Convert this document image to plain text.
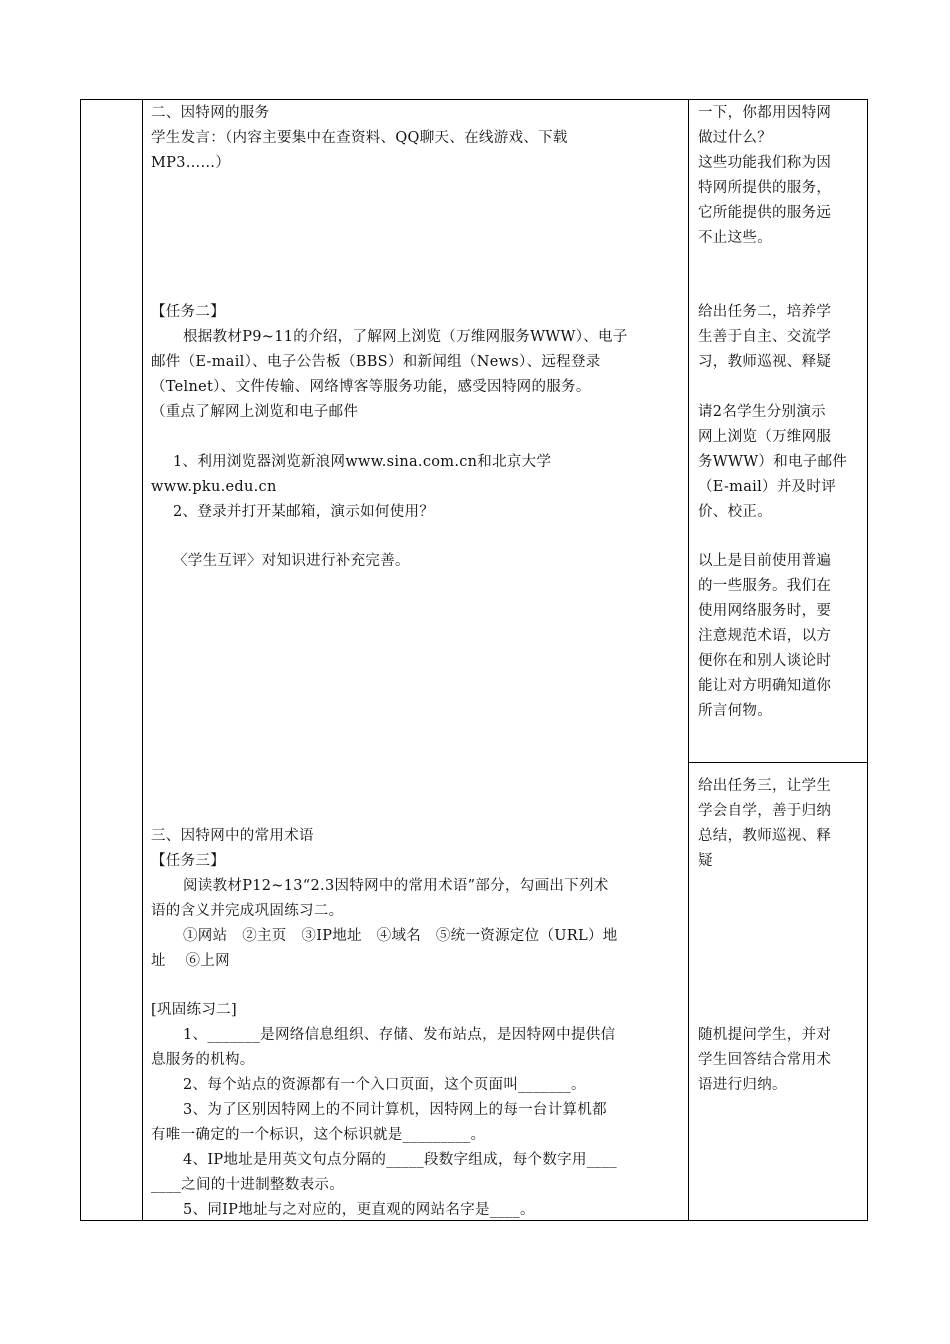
二、因特网的服务
学生发言：（内容主要集中在查资料、QQ聊天、在线游戏、下载
MP3……）
【任务二】
根据教材P9~11的介绍，了解网上浏览（万维网服务WWW）、电子
邮件（E-mail）、电子公告板（BBS）和新闻组（News）、远程登录
（Telnet）、文件传输、网络博客等服务功能，感受因特网的服务。
（重点了解网上浏览和电子邮件
1、利用浏览器浏览新浪网www.sina.com.cn和北京大学
www.pku.edu.cn
2、登录并打开某邮箱，演示如何使用？
〈学生互评〉对知识进行补充完善。
三、因特网中的常用术语
【任务三】
阅读教材P12~13“2.3因特网中的常用术语”部分，勾画出下列术
语的含义并完成巩固练习二。
①网站　②主页　③IP地址　④域名　⑤统一资源定位（URL）地
址　 ⑥上网
[巩固练习二]
1、_______是网络信息组织、存储、发布站点，是因特网中提供信
息服务的机构。
2、每个站点的资源都有一个入口页面，这个页面叫_______。
3、为了区别因特网上的不同计算机，因特网上的每一台计算机都
有唯一确定的一个标识，这个标识就是_________。
4、IP地址是用英文句点分隔的_____段数字组成，每个数字用____
____之间的十进制整数表示。
5、同IP地址与之对应的，更直观的网站名字是____。
一下，你都用因特网
做过什么？
这些功能我们称为因
特网所提供的服务，
它所能提供的服务远
不止这些。
给出任务二，培养学
生善于自主、交流学
习，教师巡视、释疑
请2名学生分别演示
网上浏览（万维网服
务WWW）和电子邮件
（E-mail）并及时评
价、校正。
以上是目前使用普遍
的一些服务。我们在
使用网络服务时，要
注意规范术语，以方
便你在和别人谈论时
能让对方明确知道你
所言何物。
给出任务三，让学生
学会自学，善于归纳
总结，教师巡视、释
疑
随机提问学生，并对
学生回答结合常用术
语进行归纳。
